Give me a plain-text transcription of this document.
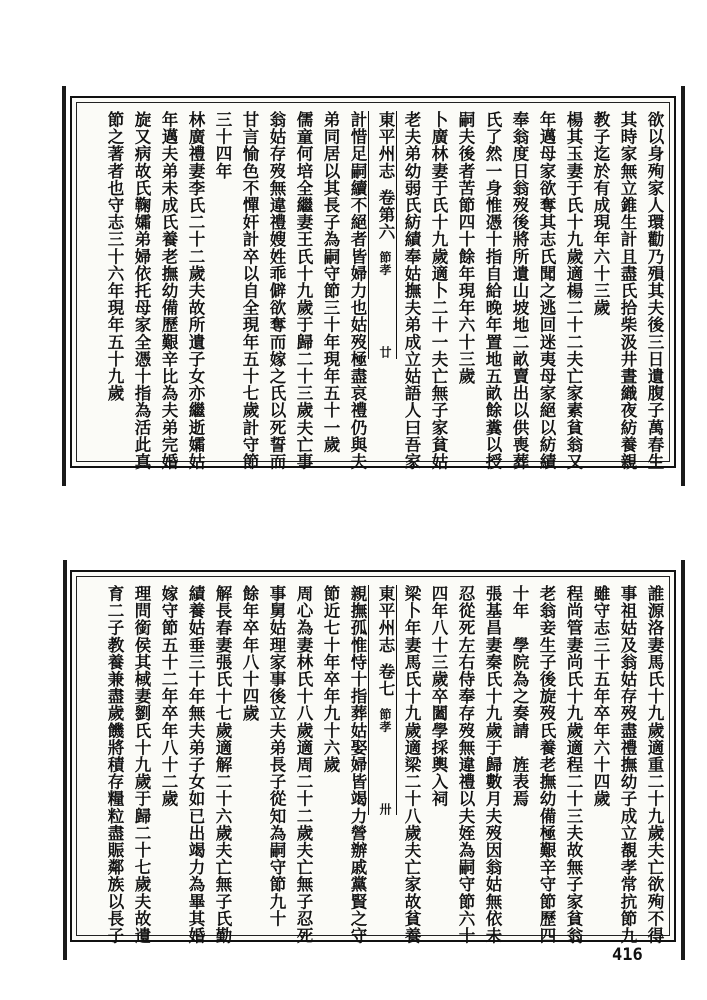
欲以身殉家人環勸乃殞其夫後三日遺腹子萬春生
其時家無立錐生計且盡氏拾柴汲井晝織夜紡養親
教子迄於有成現年六十三歲
楊其玉妻于氏十九歲適楊二十二夫亡家素貧翁又
年邁母家欲奪其志氏聞之逃回迷夷母家絕以紡績
奉翁度日翁歿後將所遺山坡地二畝賣出以供喪葬
氏了然一身惟憑十指自給晚年置地五畝餘糞以授
嗣夫後者苦節四十餘年現年六十三歲
卜廣林妻于氏十九歲適卜二十一夫亡無子家貧姑
老夫弟幼弱氏紡績奉姑撫夫弟成立姑語人曰吾家
東平州志卷第六節孝廿
計惜足嗣續不絕者皆婦力也姑歿極盡哀禮仍與夫
弟同居以其長子為嗣守節三十年現年五十一歲
儒童何培全繼妻王氏十九歲于歸二十三歲夫亡事
翁姑存歿無違禮嫂姓乖僻欲奪而嫁之氏以死誓而
甘言愉色不憚奸計卒以自全現年五十七歲計守節
三十四年
林廣禮妻李氏二十二歲夫故所遺子女亦繼逝孀姑
年邁夫弟未成氏養老撫幼備歷艱辛比為夫弟完婚
旋又病故氏鞠孀弟婦依托母家全憑十指為活此真
節之著者也守志三十六年現年五十九歲
誰源洛妻馬氏十九歲適重二十九歲夫亡欲殉不得
事祖姑及翁姑存歿盡禮撫幼子成立覩孝常抗節九
雖守志三十五年卒年六十四歲
程尚管妻尚氏十九歲適程二十三夫故無子家貧翁
老翁妾生子後旋歿氏養老撫幼備極艱辛守節歷四
十年　學院為之奏請　旌表焉
張基昌妻秦氏十九歲于歸數月夫歿因翁姑無依未
忍從死左右侍奉存歿無違禮以夫姪為嗣守節六十
四年八十三歲卒闔學採輿入祠
梁卜年妻馬氏十九歲適梁二十八歲夫亡家故貧養
東平州志卷七節孝卅
親撫孤惟恃十指葬姑娶婦皆竭力營辦戚黨賢之守
節近七十年卒年九十六歲
周心為妻林氏十八歲適周二十二歲夫亡無子忍死
事舅姑理家事後立夫弟長子從知為嗣守節九十
餘年卒年八十四歲
解長春妻張氏十七歲適解二十六歲夫亡無子氏勤
績養姑垂三十年無夫弟子女如已出竭力為畢其婚
嫁守節五十二年卒年八十二歲
理問銜侯其棫妻劉氏十九歲于歸二十七歲夫故遺
育二子教養兼盡歲饑將積存糧粒盡賑鄰族以長子
416
